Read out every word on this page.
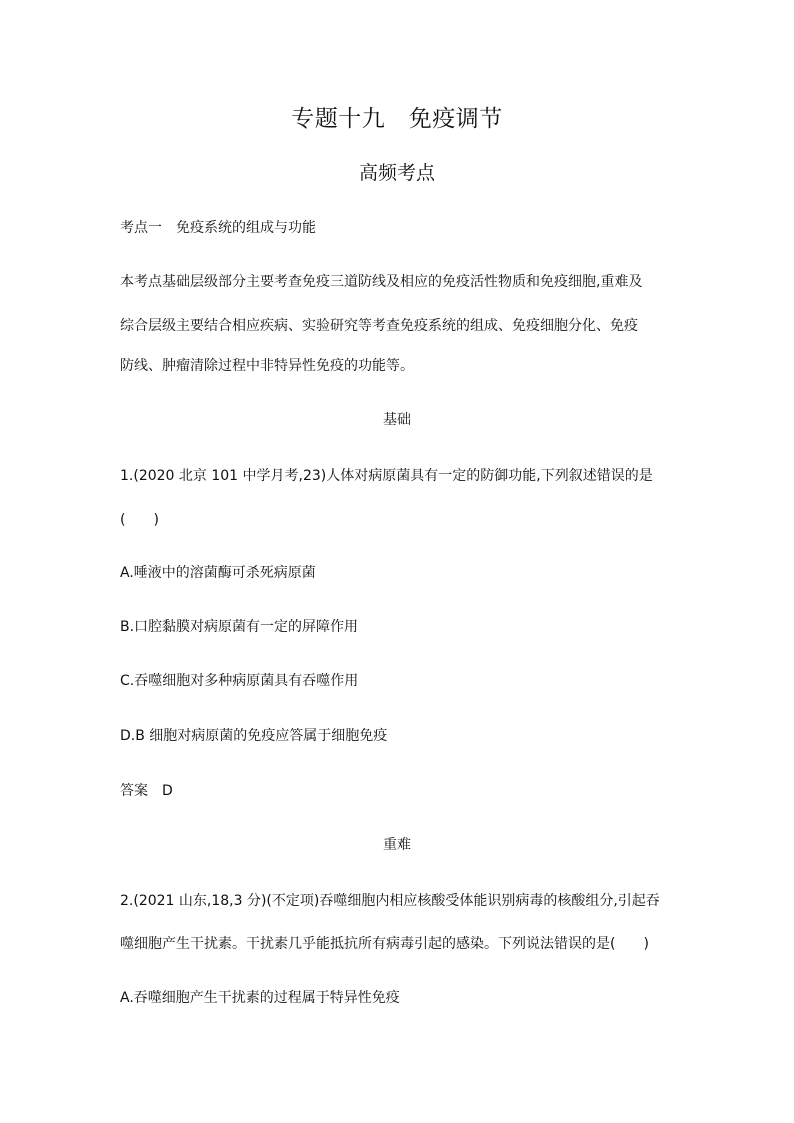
专题十九　免疫调节
高频考点
考点一　免疫系统的组成与功能
本考点基础层级部分主要考查免疫三道防线及相应的免疫活性物质和免疫细胞,重难及
综合层级主要结合相应疾病、实验研究等考查免疫系统的组成、免疫细胞分化、免疫
防线、肿瘤清除过程中非特异性免疫的功能等。
基础
1.(2020 北京 101 中学月考,23)人体对病原菌具有一定的防御功能,下列叙述错误的是
(　　)
A.唾液中的溶菌酶可杀死病原菌
B.口腔黏膜对病原菌有一定的屏障作用
C.吞噬细胞对多种病原菌具有吞噬作用
D.B 细胞对病原菌的免疫应答属于细胞免疫
答案　D
重难
2.(2021 山东,18,3 分)(不定项)吞噬细胞内相应核酸受体能识别病毒的核酸组分,引起吞
噬细胞产生干扰素。干扰素几乎能抵抗所有病毒引起的感染。下列说法错误的是(　　)
A.吞噬细胞产生干扰素的过程属于特异性免疫
